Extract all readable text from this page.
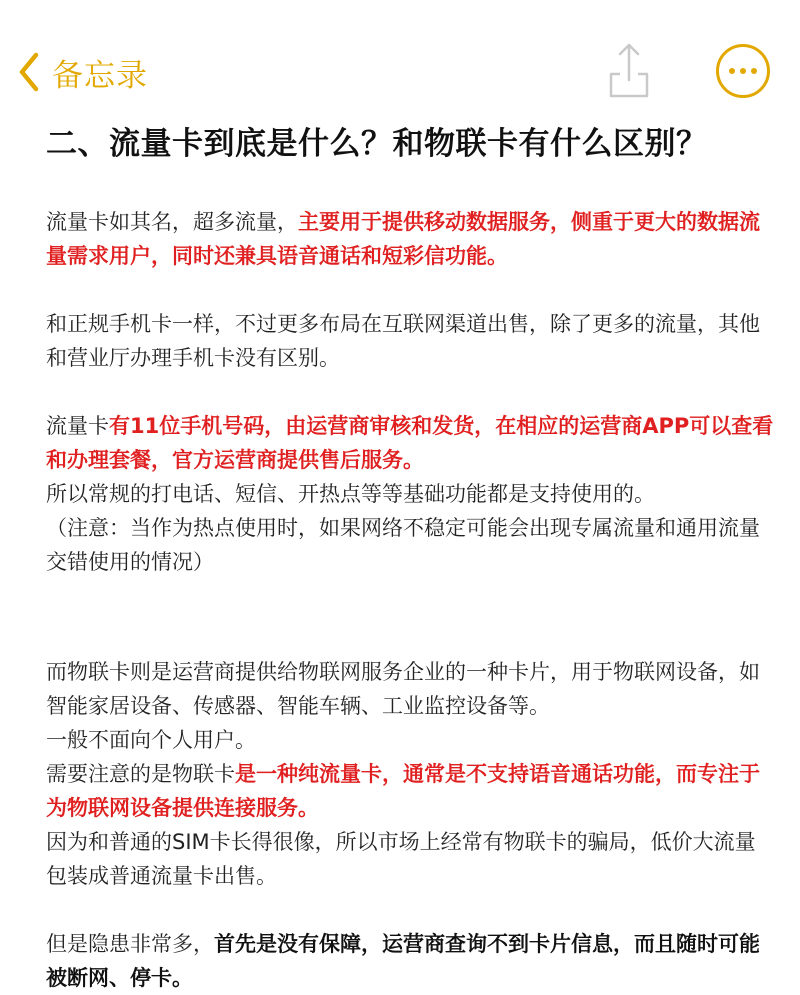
备忘录
二、流量卡到底是什么？和物联卡有什么区别？

流量卡如其名，超多流量，主要用于提供移动数据服务，侧重于更大的数据流量需求用户，同时还兼具语音通话和短彩信功能。

和正规手机卡一样，不过更多布局在互联网渠道出售，除了更多的流量，其他和营业厅办理手机卡没有区别。

流量卡有11位手机号码，由运营商审核和发货，在相应的运营商APP可以查看和办理套餐，官方运营商提供售后服务。

所以常规的打电话、短信、开热点等等基础功能都是支持使用的。

（注意：当作为热点使用时，如果网络不稳定可能会出现专属流量和通用流量交错使用的情况）

而物联卡则是运营商提供给物联网服务企业的一种卡片，用于物联网设备，如智能家居设备、传感器、智能车辆、工业监控设备等。

一般不面向个人用户。

需要注意的是物联卡是一种纯流量卡，通常是不支持语音通话功能，而专注于为物联网设备提供连接服务。

因为和普通的SIM卡长得很像，所以市场上经常有物联卡的骗局，低价大流量包装成普通流量卡出售。

但是隐患非常多，首先是没有保障，运营商查询不到卡片信息，而且随时可能被断网、停卡。
